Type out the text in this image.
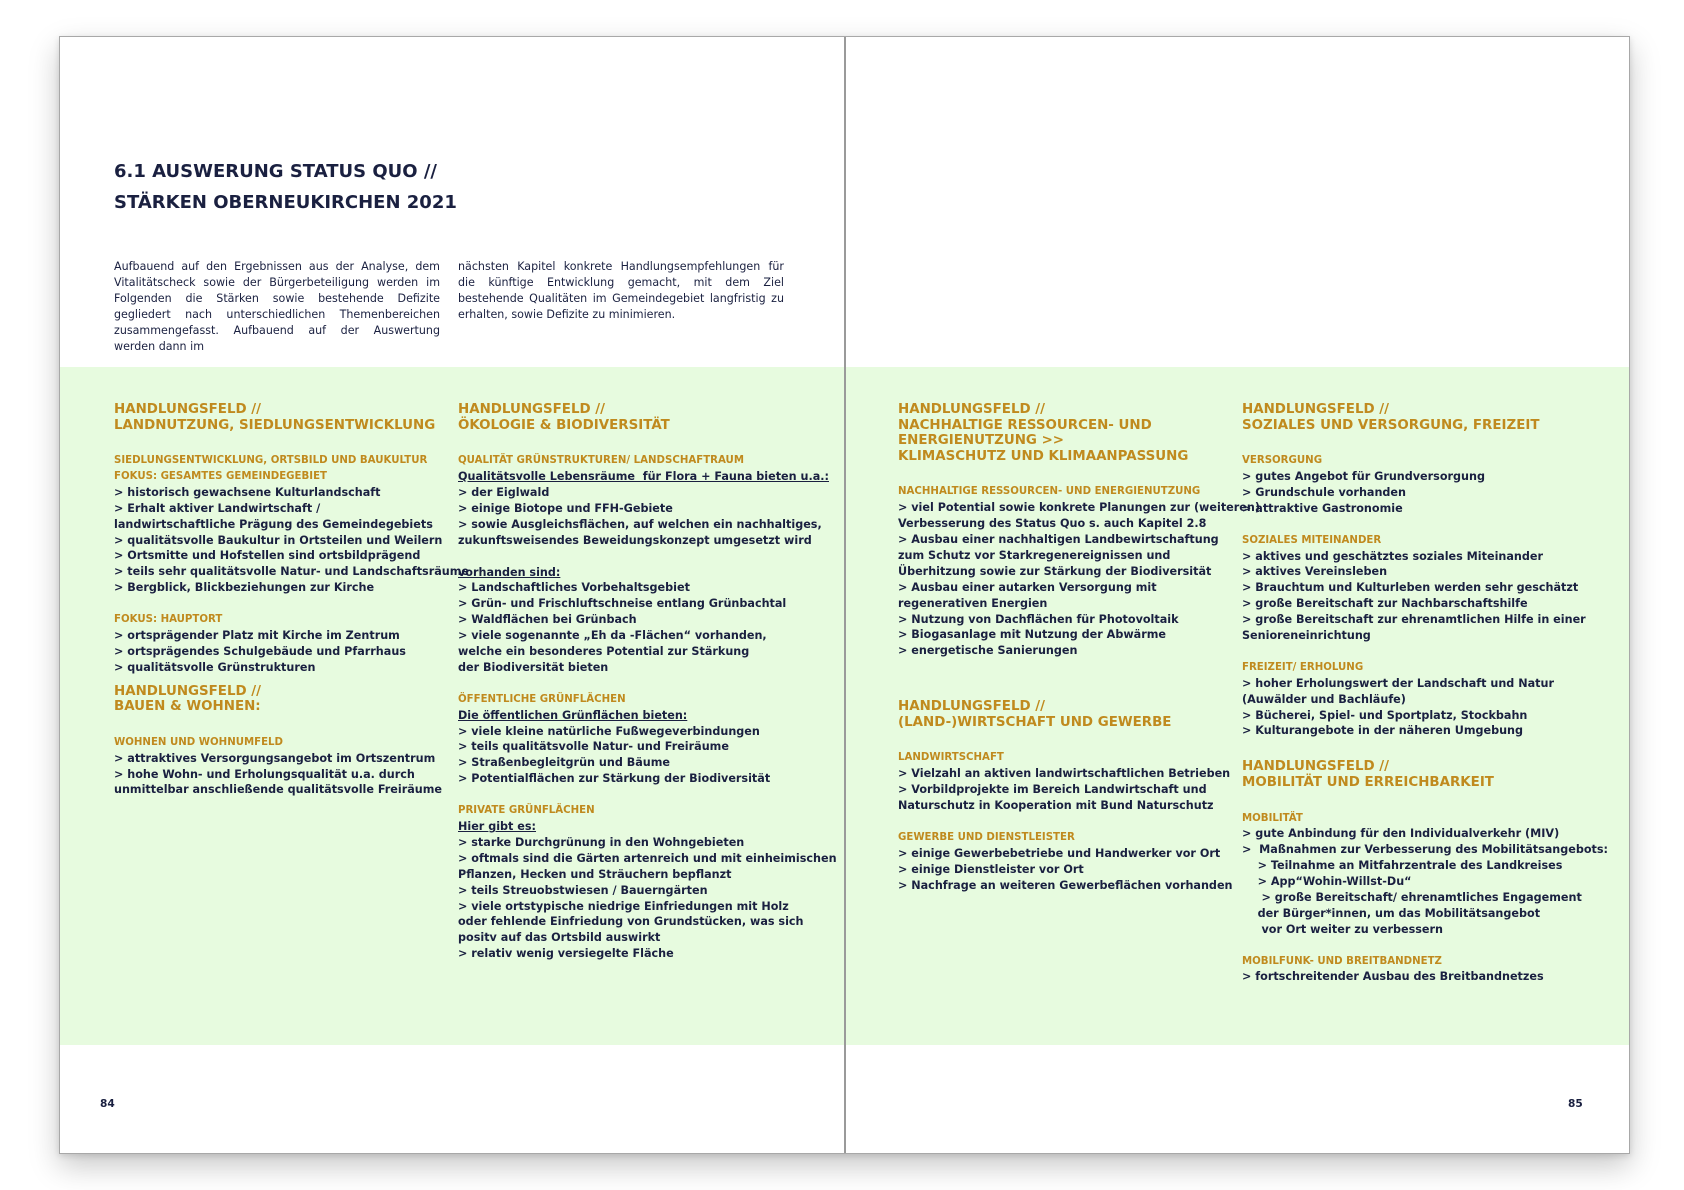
6.1 AUSWERUNG STATUS QUO //
STÄRKEN OBERNEUKIRCHEN 2021
Aufbauend auf den Ergebnissen aus der Analyse, dem Vitalitätscheck sowie der Bürgerbeteiligung werden im Folgenden die Stärken sowie bestehende Defizite gegliedert nach unterschiedlichen Themenbereichen zusammengefasst. Aufbauend auf der Auswertung werden dann im
nächsten Kapitel konkrete Handlungsempfehlungen für die künftige Entwicklung gemacht, mit dem Ziel bestehende Qualitäten im Gemeindegebiet langfristig zu erhalten, sowie Defizite zu minimieren.
HANDLUNGSFELD //
LANDNUTZUNG, SIEDLUNGSENTWICKLUNG
SIEDLUNGSENTWICKLUNG, ORTSBILD UND BAUKULTUR
FOKUS: GESAMTES GEMEINDEGEBIET
> historisch gewachsene Kulturlandschaft
> Erhalt aktiver Landwirtschaft /
landwirtschaftliche Prägung des Gemeindegebiets
> qualitätsvolle Baukultur in Ortsteilen und Weilern
> Ortsmitte und Hofstellen sind ortsbildprägend
> teils sehr qualitätsvolle Natur- und Landschaftsräume
> Bergblick, Blickbeziehungen zur Kirche
FOKUS: HAUPTORT
> ortsprägender Platz mit Kirche im Zentrum
> ortsprägendes Schulgebäude und Pfarrhaus
> qualitätsvolle Grünstrukturen
HANDLUNGSFELD //
BAUEN & WOHNEN:
WOHNEN UND WOHNUMFELD
> attraktives Versorgungsangebot im Ortszentrum
> hohe Wohn- und Erholungsqualität u.a. durch
unmittelbar anschließende qualitätsvolle Freiräume
HANDLUNGSFELD //
ÖKOLOGIE & BIODIVERSITÄT
QUALITÄT GRÜNSTRUKTUREN/ LANDSCHAFTRAUM
Qualitätsvolle Lebensräume  für Flora + Fauna bieten u.a.:
> der Eiglwald
> einige Biotope und FFH-Gebiete
> sowie Ausgleichsflächen, auf welchen ein nachhaltiges,
zukunftsweisendes Beweidungskonzept umgesetzt wird
vorhanden sind:
> Landschaftliches Vorbehaltsgebiet
> Grün- und Frischluftschneise entlang Grünbachtal
> Waldflächen bei Grünbach
> viele sogenannte „Eh da -Flächen“ vorhanden,
welche ein besonderes Potential zur Stärkung
der Biodiversität bieten
ÖFFENTLICHE GRÜNFLÄCHEN
Die öffentlichen Grünflächen bieten:
> viele kleine natürliche Fußwegeverbindungen
> teils qualitätsvolle Natur- und Freiräume
> Straßenbegleitgrün und Bäume
> Potentialflächen zur Stärkung der Biodiversität
PRIVATE GRÜNFLÄCHEN
Hier gibt es:
> starke Durchgrünung in den Wohngebieten
> oftmals sind die Gärten artenreich und mit einheimischen
Pflanzen, Hecken und Sträuchern bepflanzt
> teils Streuobstwiesen / Bauerngärten
> viele ortstypische niedrige Einfriedungen mit Holz
oder fehlende Einfriedung von Grundstücken, was sich
positv auf das Ortsbild auswirkt
> relativ wenig versiegelte Fläche
HANDLUNGSFELD //
NACHHALTIGE RESSOURCEN- UND
ENERGIENUTZUNG >>
KLIMASCHUTZ UND KLIMAANPASSUNG
NACHHALTIGE RESSOURCEN- UND ENERGIENUTZUNG
> viel Potential sowie konkrete Planungen zur (weiteren)
Verbesserung des Status Quo s. auch Kapitel 2.8
> Ausbau einer nachhaltigen Landbewirtschaftung
zum Schutz vor Starkregenereignissen und
Überhitzung sowie zur Stärkung der Biodiversität
> Ausbau einer autarken Versorgung mit
regenerativen Energien
> Nutzung von Dachflächen für Photovoltaik
> Biogasanlage mit Nutzung der Abwärme
> energetische Sanierungen
HANDLUNGSFELD //
(LAND-)WIRTSCHAFT UND GEWERBE
LANDWIRTSCHAFT
> Vielzahl an aktiven landwirtschaftlichen Betrieben
> Vorbildprojekte im Bereich Landwirtschaft und
Naturschutz in Kooperation mit Bund Naturschutz
GEWERBE UND DIENSTLEISTER
> einige Gewerbebetriebe und Handwerker vor Ort
> einige Dienstleister vor Ort
> Nachfrage an weiteren Gewerbeflächen vorhanden
HANDLUNGSFELD //
SOZIALES UND VERSORGUNG, FREIZEIT
VERSORGUNG
> gutes Angebot für Grundversorgung
> Grundschule vorhanden
> attraktive Gastronomie
SOZIALES MITEINANDER
> aktives und geschätztes soziales Miteinander
> aktives Vereinsleben
> Brauchtum und Kulturleben werden sehr geschätzt
> große Bereitschaft zur Nachbarschaftshilfe
> große Bereitschaft zur ehrenamtlichen Hilfe in einer
Senioreneinrichtung
FREIZEIT/ ERHOLUNG
> hoher Erholungswert der Landschaft und Natur
(Auwälder und Bachläufe)
> Bücherei, Spiel- und Sportplatz, Stockbahn
> Kulturangebote in der näheren Umgebung
HANDLUNGSFELD //
MOBILITÄT UND ERREICHBARKEIT
MOBILITÄT
> gute Anbindung für den Individualverkehr (MIV)
>  Maßnahmen zur Verbesserung des Mobilitätsangebots:
> Teilnahme an Mitfahrzentrale des Landkreises
> App“Wohin-Willst-Du“
> große Bereitschaft/ ehrenamtliches Engagement
der Bürger*innen, um das Mobilitätsangebot
vor Ort weiter zu verbessern
MOBILFUNK- UND BREITBANDNETZ
> fortschreitender Ausbau des Breitbandnetzes
84	85
